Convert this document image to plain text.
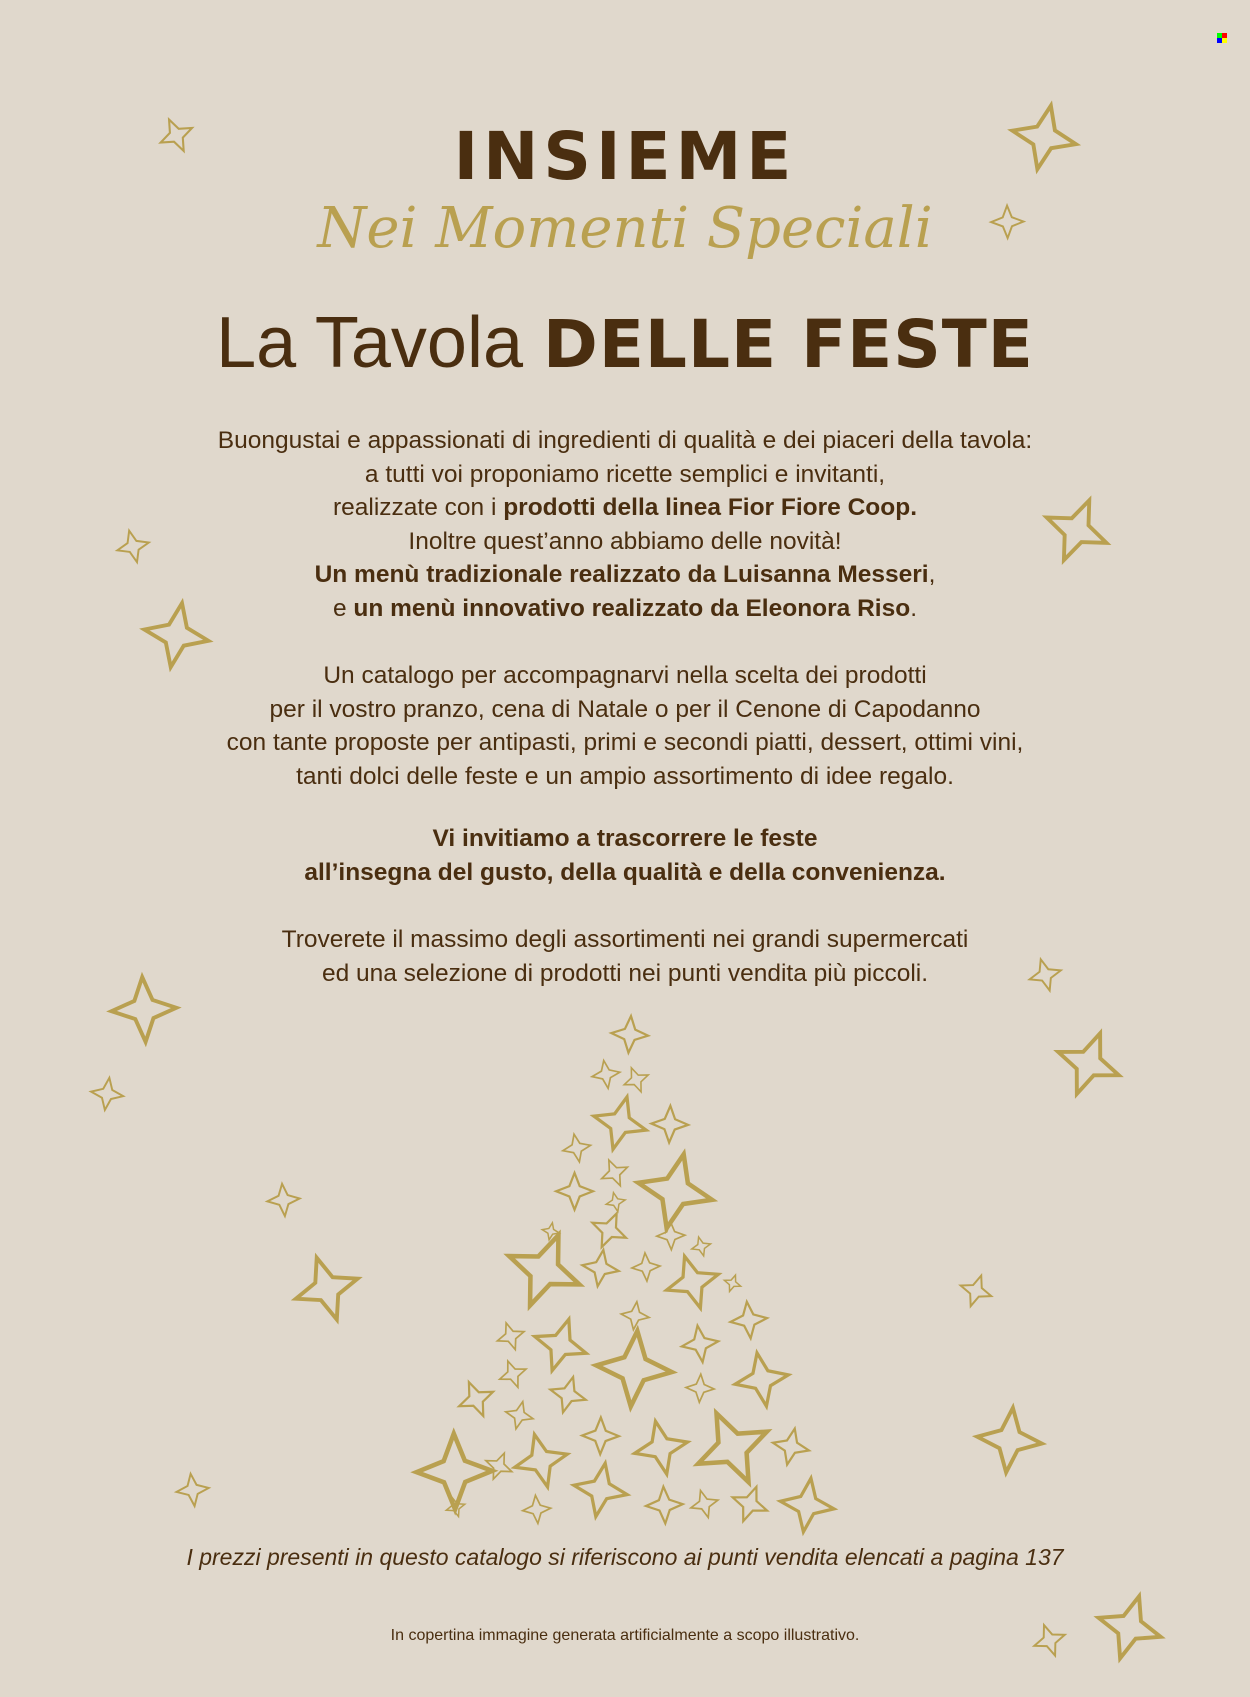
INSIEME
Nei Momenti Speciali
La Tavola DELLE FESTE
Buongustai e appassionati di ingredienti di qualità e dei piaceri della tavola:
a tutti voi proponiamo ricette semplici e invitanti,
realizzate con i prodotti della linea Fior Fiore Coop.
Inoltre quest’anno abbiamo delle novità!
Un menù tradizionale realizzato da Luisanna Messeri,
e un menù innovativo realizzato da Eleonora Riso.
Un catalogo per accompagnarvi nella scelta dei prodotti
per il vostro pranzo, cena di Natale o per il Cenone di Capodanno
con tante proposte per antipasti, primi e secondi piatti, dessert, ottimi vini,
tanti dolci delle feste e un ampio assortimento di idee regalo.
Vi invitiamo a trascorrere le feste
all’insegna del gusto, della qualità e della convenienza.
Troverete il massimo degli assortimenti nei grandi supermercati
ed una selezione di prodotti nei punti vendita più piccoli.
I prezzi presenti in questo catalogo si riferiscono ai punti vendita elencati a pagina 137
In copertina immagine generata artificialmente a scopo illustrativo.
